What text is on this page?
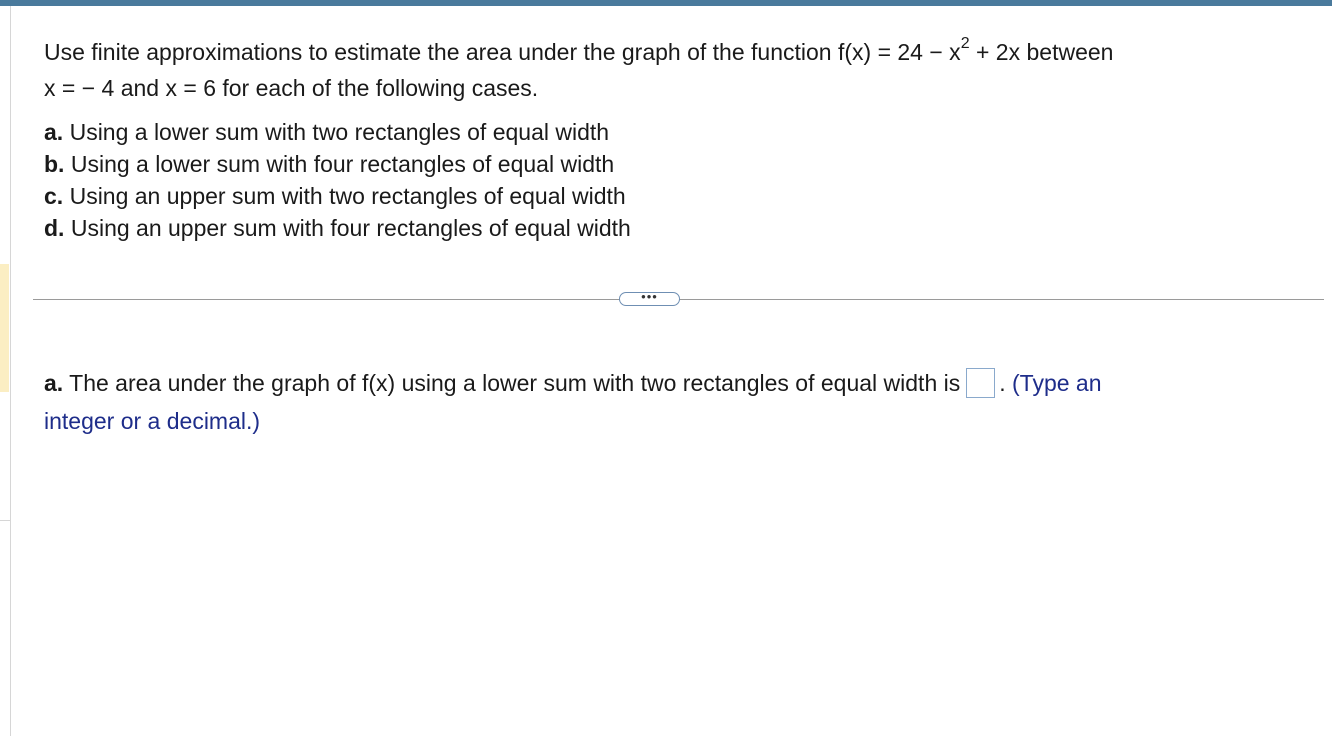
Use finite approximations to estimate the area under the graph of the function $f(x) = 24 - x^2 + 2x$ between
x = − 4 and x = 6 for each of the following cases.
a. Using a lower sum with two rectangles of equal width
b. Using a lower sum with four rectangles of equal width
c. Using an upper sum with two rectangles of equal width
d. Using an upper sum with four rectangles of equal width
•••
a. The area under the graph of f(x) using a lower sum with two rectangles of equal width is . (Type an
integer or a decimal.)
